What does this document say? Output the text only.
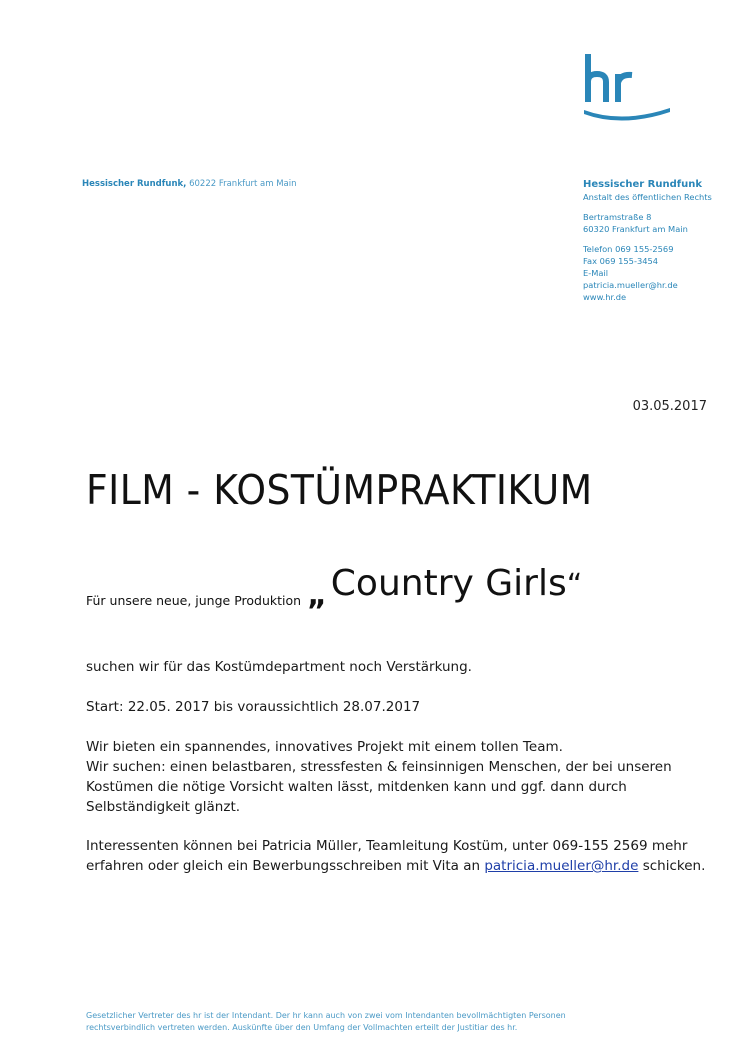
Hessischer Rundfunk, 60222 Frankfurt am Main	Hessischer Rundfunk
Anstalt des öffentlichen Rechts
Bertramstraße 8
60320 Frankfurt am Main
Telefon 069 155-2569
Fax 069 155-3454
E-Mail
patricia.mueller@hr.de
www.hr.de
03.05.2017
FILM - KOSTÜMPRAKTIKUM
$_{Für unsere neue, junge Produktion}$ „ Country Girls“

suchen wir für das Kostümdepartment noch Verstärkung.

Start: 22.05. 2017 bis voraussichtlich 28.07.2017

Wir bieten ein spannendes, innovatives Projekt mit einem tollen Team.

Wir suchen: einen belastbaren, stressfesten & feinsinnigen Menschen, der bei unseren Kostümen die nötige Vorsicht walten lässt, mitdenken kann und ggf. dann durch Selbständigkeit glänzt.

Interessenten können bei Patricia Müller, Teamleitung Kostüm, unter 069-155 2569 mehr erfahren oder gleich ein Bewerbungsschreiben mit Vita an patricia.mueller@hr.de schicken.

Gesetzlicher Vertreter des hr ist der Intendant. Der hr kann auch von zwei vom Intendanten bevollmächtigten Personen
rechtsverbindlich vertreten werden. Auskünfte über den Umfang der Vollmachten erteilt der Justitiar des hr.
